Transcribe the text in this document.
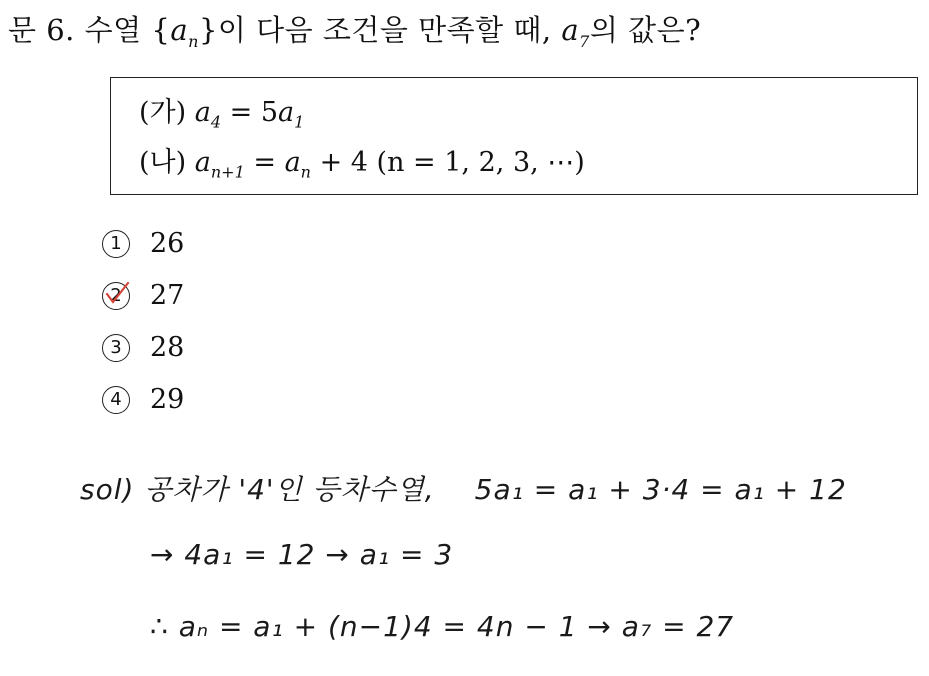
문 6. 수열 $\{a_n\}$이 다음 조건을 만족할 때, $a_7$의 값은?
(가) $a_4 = 5a_1$
(나) $a_{n+1} = a_n + 4$ (n = 1, 2, 3, ⋯)
1	26
2	27
3	28
4	29
sol) 공차가 '4'인 등차수열, 5a₁ = a₁ + 3·4 = a₁ + 12
→ 4a₁ = 12 → a₁ = 3
∴ aₙ = a₁ + (n−1)4 = 4n − 1 → a₇ = 27
